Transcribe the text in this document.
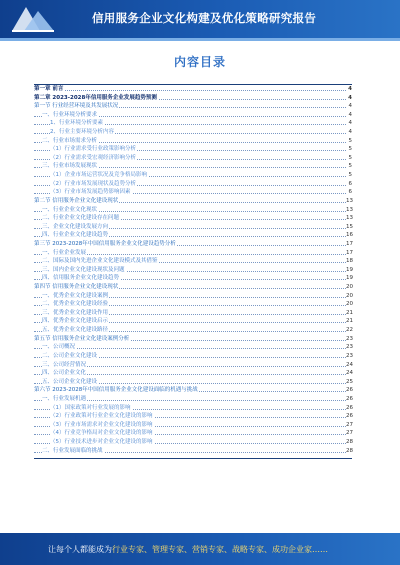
信用服务企业文化构建及优化策略研究报告
内容目录
第一章 前言	4
第二章 2023-2028年信用服务企业发展趋势预测	4
第一节 行业经营环境及其发展状况	4
一、行业环境分析要求	4
1、行业环境分析要素	4
2、行业主要环境分析内容	4
二、行业市场需求分析	5
（1）行业需求受行业政策影响分析	5
（2）行业需求受宏观经济影响分析	5
三、行业市场发展现状	5
（1）企业市场运营状况及竞争格局影响	5
（2）行业市场发展现状及趋势分析	6
（3）行业市场发展趋势影响因素	6
第二节 信用服务企业文化建设现状	13
一、行业企业文化现状	13
二、行业企业文化建设存在问题	13
三、企业文化建设发展方向	15
四、行业企业文化建设趋势	16
第三节 2023-2028年中国信用服务企业文化建设趋势分析	17
一、行业企业发展	17
二、国际及国内先进企业文化建设模式及其借鉴	18
三、国内企业文化建设现状及问题	19
四、信用服务企业文化建设趋势	19
第四节 信用服务企业文化建设现状	20
一、优秀企业文化建设案例	20
二、优秀企业文化建设经验	20
三、优秀企业文化建设作用	21
四、优秀企业文化建设启示	21
五、优秀企业文化建设路径	22
第五节 信用服务企业文化建设案例分析	23
一、公司概况	23
二、公司企业文化建设	23
三、公司经营情况	24
四、公司企业文化	24
五、公司企业文化建设	25
第六节 2023-2028年中国信用服务企业文化建设面临的机遇与挑战	26
一、行业发展机遇	26
（1）国家政策对行业发展的影响	26
（2）行业政策对行业企业文化建设的影响	26
（3）行业市场需求对企业文化建设的影响	27
（4）行业竞争格局对企业文化建设的影响	27
（5）行业技术进步对企业文化建设的影响	28
二、行业发展面临的挑战	28
让每个人都能成为行业专家、管理专家、营销专家、战略专家、成功企业家……
